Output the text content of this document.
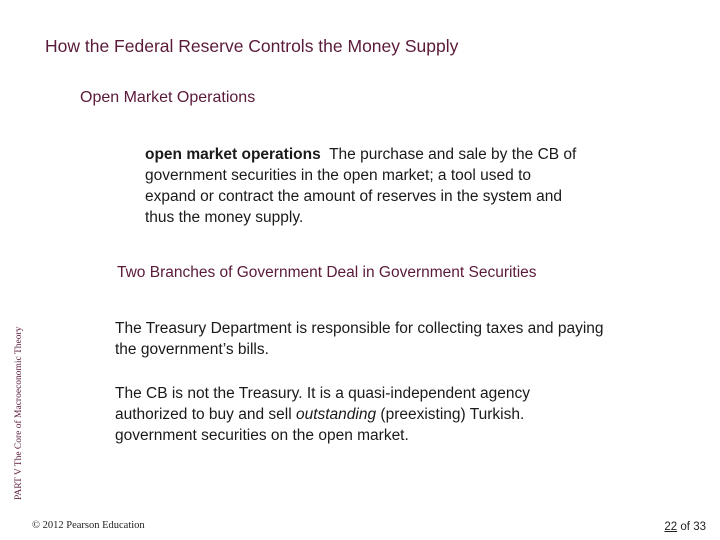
How the Federal Reserve Controls the Money Supply
Open Market Operations
open market operations The purchase and sale by the CB of government securities in the open market; a tool used to expand or contract the amount of reserves in the system and thus the money supply.
Two Branches of Government Deal in Government Securities
The Treasury Department is responsible for collecting taxes and paying the government’s bills.
The CB is not the Treasury. It is a quasi-independent agency authorized to buy and sell outstanding (preexisting) Turkish. government securities on the open market.
PART V The Core of Macroeconomic Theory
© 2012 Pearson Education	22 of 33
